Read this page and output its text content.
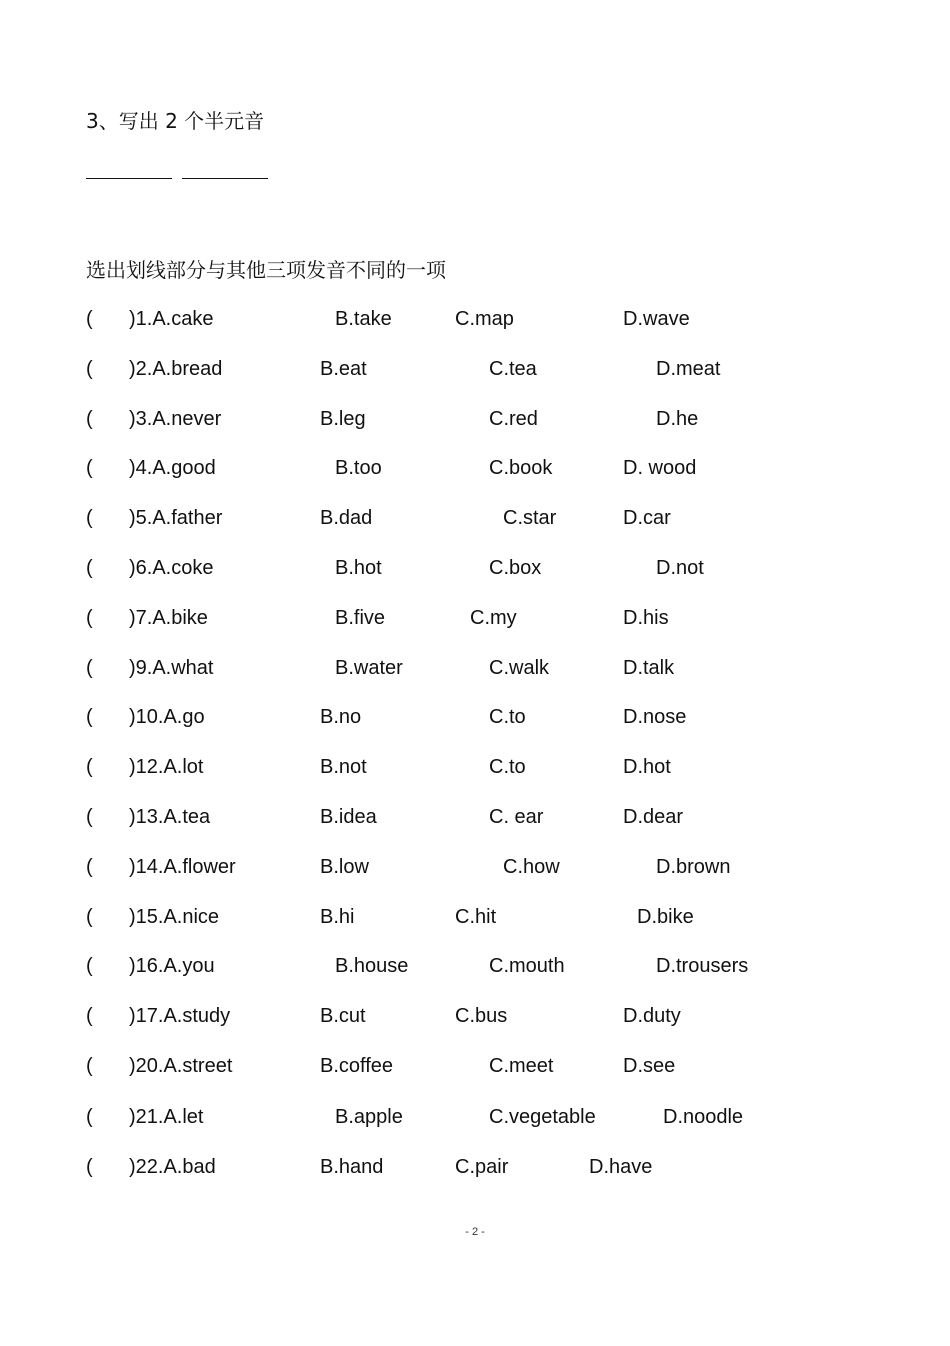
3、写出 2 个半元音
选出划线部分与其他三项发音不同的一项
( )1.A.cake	B.take	C.map	D.wave
( )2.A.bread	B.eat	C.tea	D.meat
( )3.A.never	B.leg	C.red	D.he
( )4.A.good	B.too	C.book	D. wood
( )5.A.father	B.dad	C.star	D.car
( )6.A.coke	B.hot	C.box	D.not
( )7.A.bike	B.five	C.my	D.his
( )9.A.what	B.water	C.walk	D.talk
( )10.A.go	B.no	C.to	D.nose
( )12.A.lot	B.not	C.to	D.hot
( )13.A.tea	B.idea	C. ear	D.dear
( )14.A.flower	B.low	C.how	D.brown
( )15.A.nice	B.hi	C.hit	D.bike
( )16.A.you	B.house	C.mouth	D.trousers
( )17.A.study	B.cut	C.bus	D.duty
( )20.A.street	B.coffee	C.meet	D.see
( )21.A.let	B.apple	C.vegetable	D.noodle
( )22.A.bad	B.hand	C.pair	D.have
- 2 -
